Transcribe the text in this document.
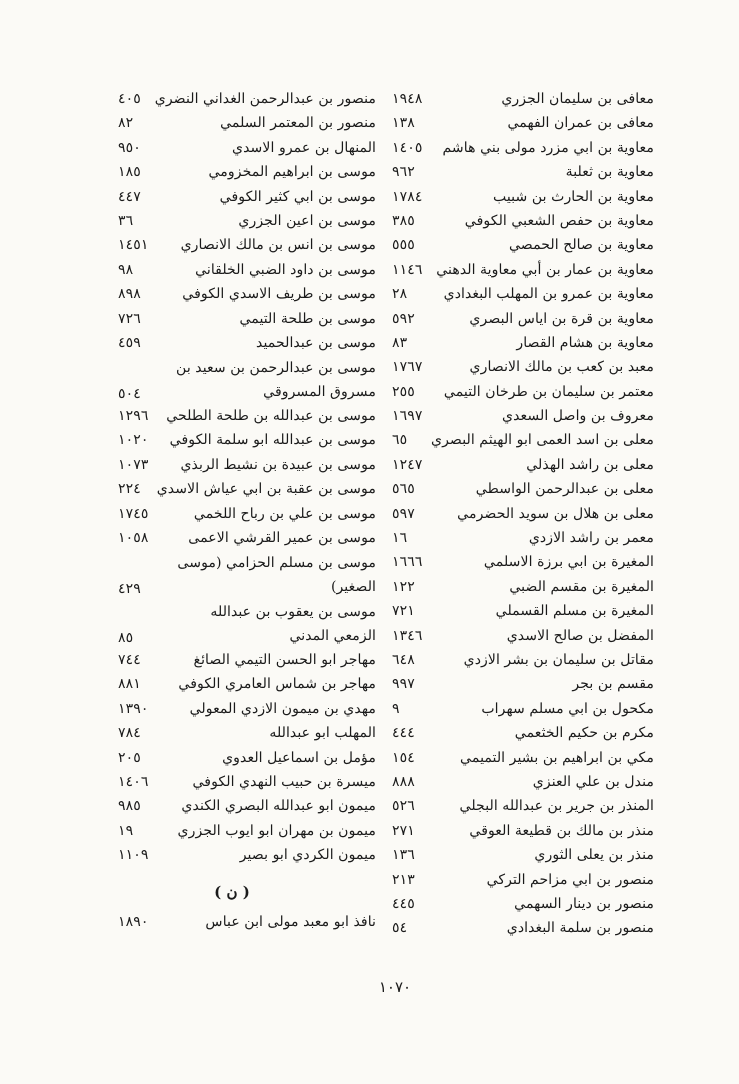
معافى بن سليمان الجزري
١٩٤٨
معافى بن عمران الفهمي
١٣٨
معاوية بن ابي مزرد مولى بني هاشم
١٤٠٥
معاوية بن ثعلبة
٩٦٢
معاوية بن الحارث بن شبيب
١٧٨٤
معاوية بن حفص الشعبي الكوفي
٣٨٥
معاوية بن صالح الحمصي
٥٥٥
معاوية بن عمار بن أبي معاوية الدهني
١١٤٦
معاوية بن عمرو بن المهلب البغدادي
٢٨
معاوية بن قرة بن اياس البصري
٥٩٢
معاوية بن هشام القصار
٨٣
معبد بن كعب بن مالك الانصاري
١٧٦٧
معتمر بن سليمان بن طرخان التيمي
٢٥٥
معروف بن واصل السعدي
١٦٩٧
معلى بن اسد العمى ابو الهيثم البصري
٦٥
معلى بن راشد الهذلي
١٢٤٧
معلى بن عبدالرحمن الواسطي
٥٦٥
معلى بن هلال بن سويد الحضرمي
٥٩٧
معمر بن راشد الازدي
١٦
المغيرة بن ابي برزة الاسلمي
١٦٦٦
المغيرة بن مقسم الضبي
١٢٢
المغيرة بن مسلم القسملي
٧٢١
المفضل بن صالح الاسدي
١٣٤٦
مقاتل بن سليمان بن بشر الازدي
٦٤٨
مقسم بن بجر
٩٩٧
مكحول بن ابي مسلم سهراب
٩
مكرم بن حكيم الخثعمي
٤٤٤
مكي بن ابراهيم بن بشير التميمي
١٥٤
مندل بن علي العنزي
٨٨٨
المنذر بن جرير بن عبدالله البجلي
٥٢٦
منذر بن مالك بن قطيعة العوقي
٢٧١
منذر بن يعلى الثوري
١٣٦
منصور بن ابي مزاحم التركي
٢١٣
منصور بن دينار السهمي
٤٤٥
منصور بن سلمة البغدادي
٥٤
منصور بن عبدالرحمن الغداني النضري
٤٠٥
منصور بن المعتمر السلمي
٨٢
المنهال بن عمرو الاسدي
٩٥٠
موسى بن ابراهيم المخزومي
١٨٥
موسى بن ابي كثير الكوفي
٤٤٧
موسى بن اعين الجزري
٣٦
موسى بن انس بن مالك الانصاري
١٤٥١
موسى بن داود الضبي الخلقاني
٩٨
موسى بن طريف الاسدي الكوفي
٨٩٨
موسى بن طلحة التيمي
٧٢٦
موسى بن عبدالحميد
٤٥٩
موسى بن عبدالرحمن بن سعيد بن مسروق المسروقي
٥٠٤
موسى بن عبدالله بن طلحة الطلحي
١٢٩٦
موسى بن عبدالله ابو سلمة الكوفي
١٠٢٠
موسى بن عبيدة بن نشيط الربذي
١٠٧٣
موسى بن عقبة بن ابي عياش الاسدي
٢٢٤
موسى بن علي بن رباح اللخمي
١٧٤٥
موسى بن عمير القرشي الاعمى
١٠٥٨
موسى بن مسلم الحزامي (موسى الصغير)
٤٢٩
موسى بن يعقوب بن عبدالله الزمعي المدني
٨٥
مهاجر ابو الحسن التيمي الصائغ
٧٤٤
مهاجر بن شماس العامري الكوفي
٨٨١
مهدي بن ميمون الازدي المعولي
١٣٩٠
المهلب ابو عبدالله
٧٨٤
مؤمل بن اسماعيل العدوي
٢٠٥
ميسرة بن حبيب النهدي الكوفي
١٤٠٦
ميمون ابو عبدالله البصري الكندي
٩٨٥
ميمون بن مهران ابو ايوب الجزري
١٩
ميمون الكردي ابو بصير
١١٠٩
( ن )
نافذ ابو معبد مولى ابن عباس
١٨٩٠
١٠٧٠
